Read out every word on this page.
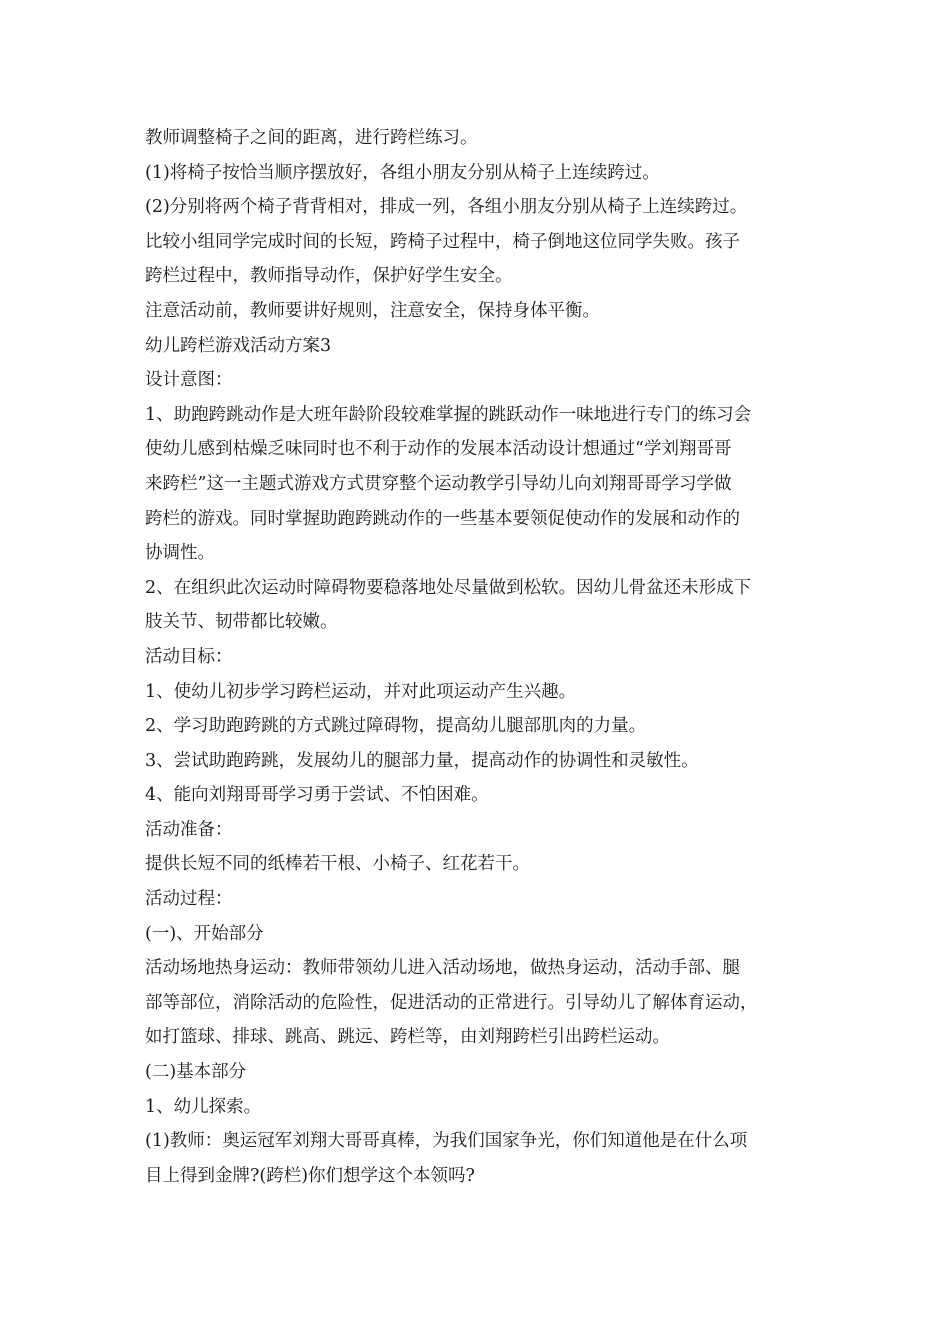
教师调整椅子之间的距离，进行跨栏练习。
(1)将椅子按恰当顺序摆放好，各组小朋友分别从椅子上连续跨过。
(2)分别将两个椅子背背相对，排成一列，各组小朋友分别从椅子上连续跨过。
比较小组同学完成时间的长短，跨椅子过程中，椅子倒地这位同学失败。孩子
跨栏过程中，教师指导动作，保护好学生安全。
注意活动前，教师要讲好规则，注意安全，保持身体平衡。
幼儿跨栏游戏活动方案3
设计意图：
1、助跑跨跳动作是大班年龄阶段较难掌握的跳跃动作一味地进行专门的练习会
使幼儿感到枯燥乏味同时也不利于动作的发展本活动设计想通过“学刘翔哥哥
来跨栏”这一主题式游戏方式贯穿整个运动教学引导幼儿向刘翔哥哥学习学做
跨栏的游戏。同时掌握助跑跨跳动作的一些基本要领促使动作的发展和动作的
协调性。
2、在组织此次运动时障碍物要稳落地处尽量做到松软。因幼儿骨盆还未形成下
肢关节、韧带都比较嫩。
活动目标：
1、使幼儿初步学习跨栏运动，并对此项运动产生兴趣。
2、学习助跑跨跳的方式跳过障碍物，提高幼儿腿部肌肉的力量。
3、尝试助跑跨跳，发展幼儿的腿部力量，提高动作的协调性和灵敏性。
4、能向刘翔哥哥学习勇于尝试、不怕困难。
活动准备：
提供长短不同的纸棒若干根、小椅子、红花若干。
活动过程：
(一)、开始部分
活动场地热身运动：教师带领幼儿进入活动场地，做热身运动，活动手部、腿
部等部位，消除活动的危险性，促进活动的正常进行。引导幼儿了解体育运动，
如打篮球、排球、跳高、跳远、跨栏等，由刘翔跨栏引出跨栏运动。
(二)基本部分
1、幼儿探索。
(1)教师：奥运冠军刘翔大哥哥真棒，为我们国家争光，你们知道他是在什么项
目上得到金牌?(跨栏)你们想学这个本领吗?
